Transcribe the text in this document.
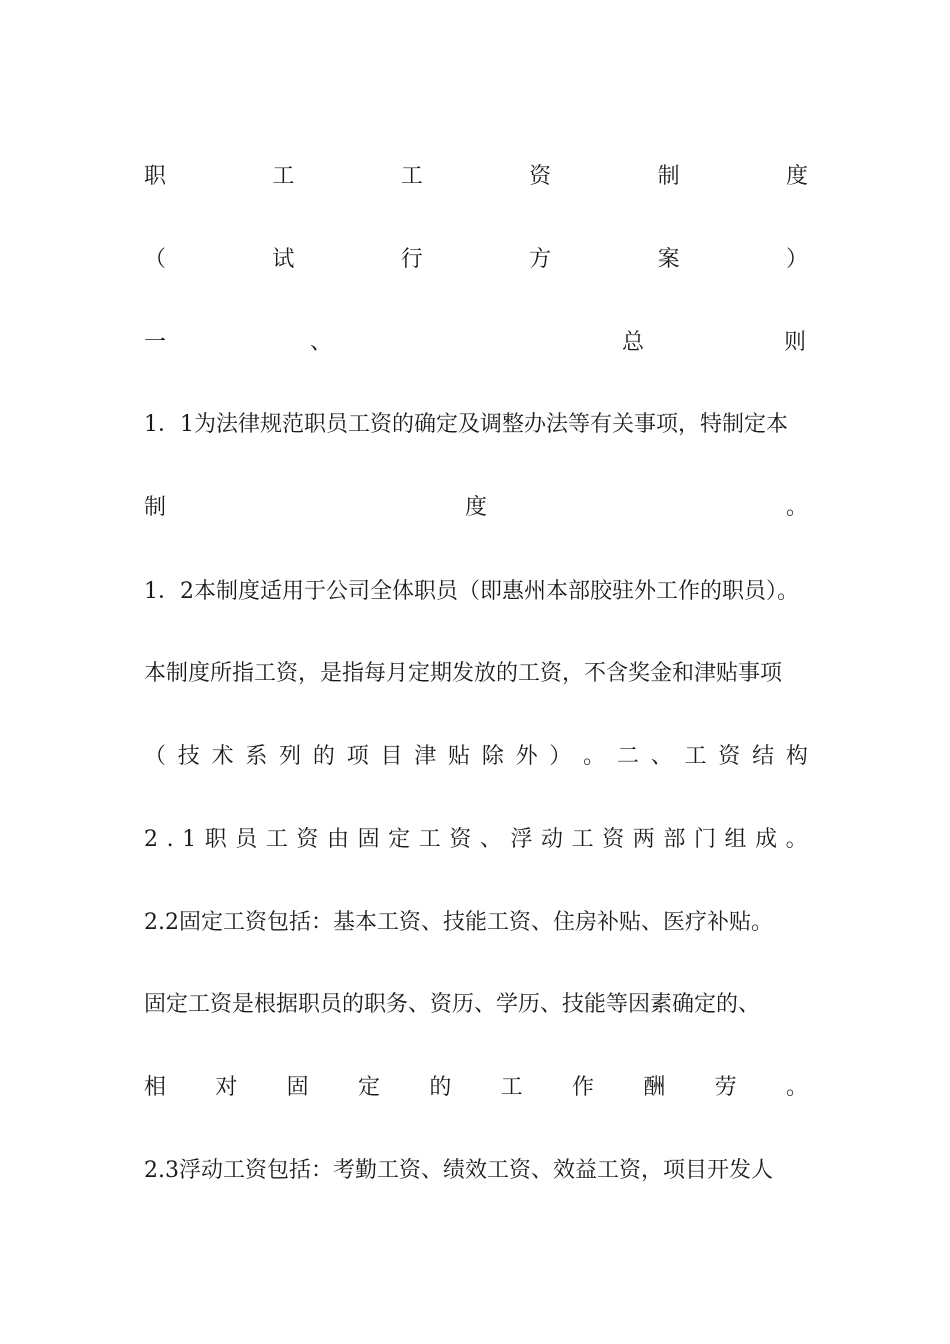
职	工	工	资	制	度
（	试	行	方	案	）
一	、	总	则
1．1为法律规范职员工资的确定及调整办法等有关事项，特制定本
制	度	。
1．2本制度适用于公司全体职员（即惠州本部胶驻外工作的职员）。
本制度所指工资，是指每月定期发放的工资，不含奖金和津贴事项
（ 技 术 系 列 的 项 目 津 贴 除 外 ） 。 二 、 工 资 结 构
2 . 1 职 员 工 资 由 固 定 工 资 、 浮 动 工 资 两 部 门 组 成 。
2.2固定工资包括：基本工资、技能工资、住房补贴、医疗补贴。
固定工资是根据职员的职务、资历、学历、技能等因素确定的、
相 对 固 定 的 工 作 酬 劳 。
2.3浮动工资包括：考勤工资、绩效工资、效益工资，项目开发人
